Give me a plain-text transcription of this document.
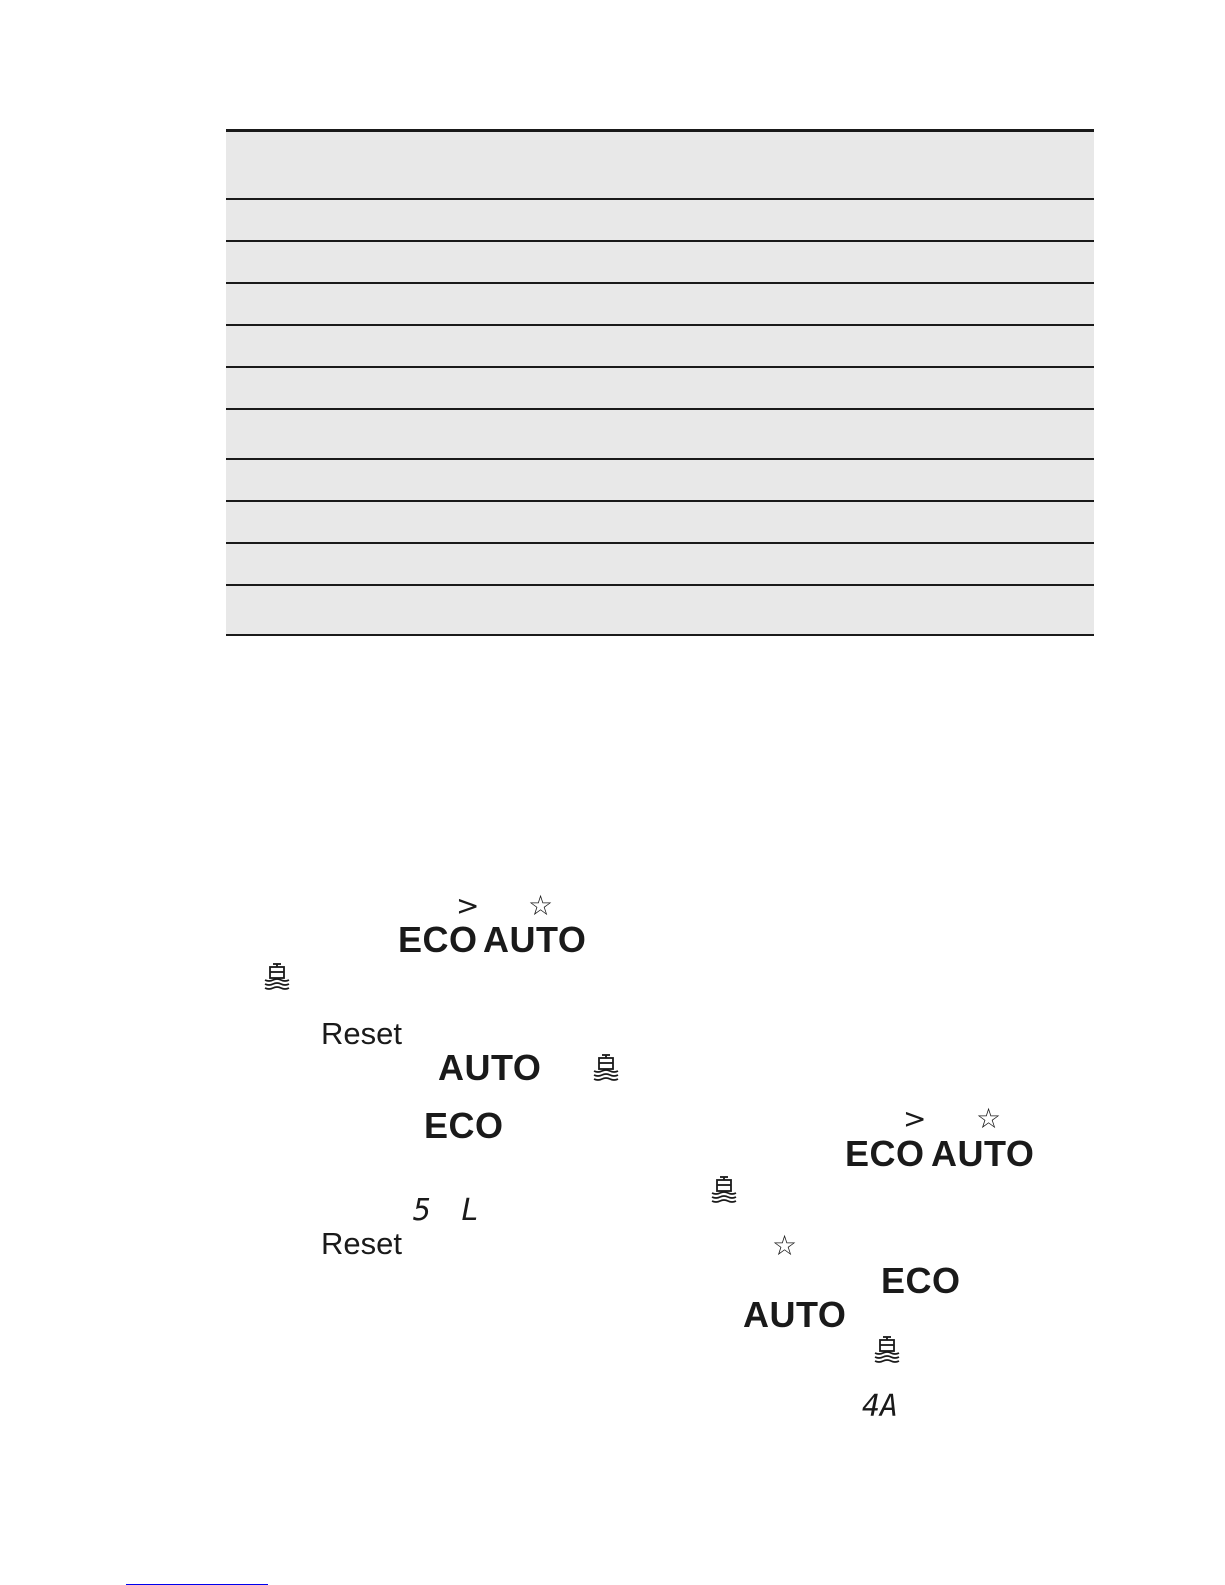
> ☆
ECO AUTO
Reset
AUTO
ECO	> ☆
ECO AUTO
5 L
Reset	☆
ECO
AUTO
4A
